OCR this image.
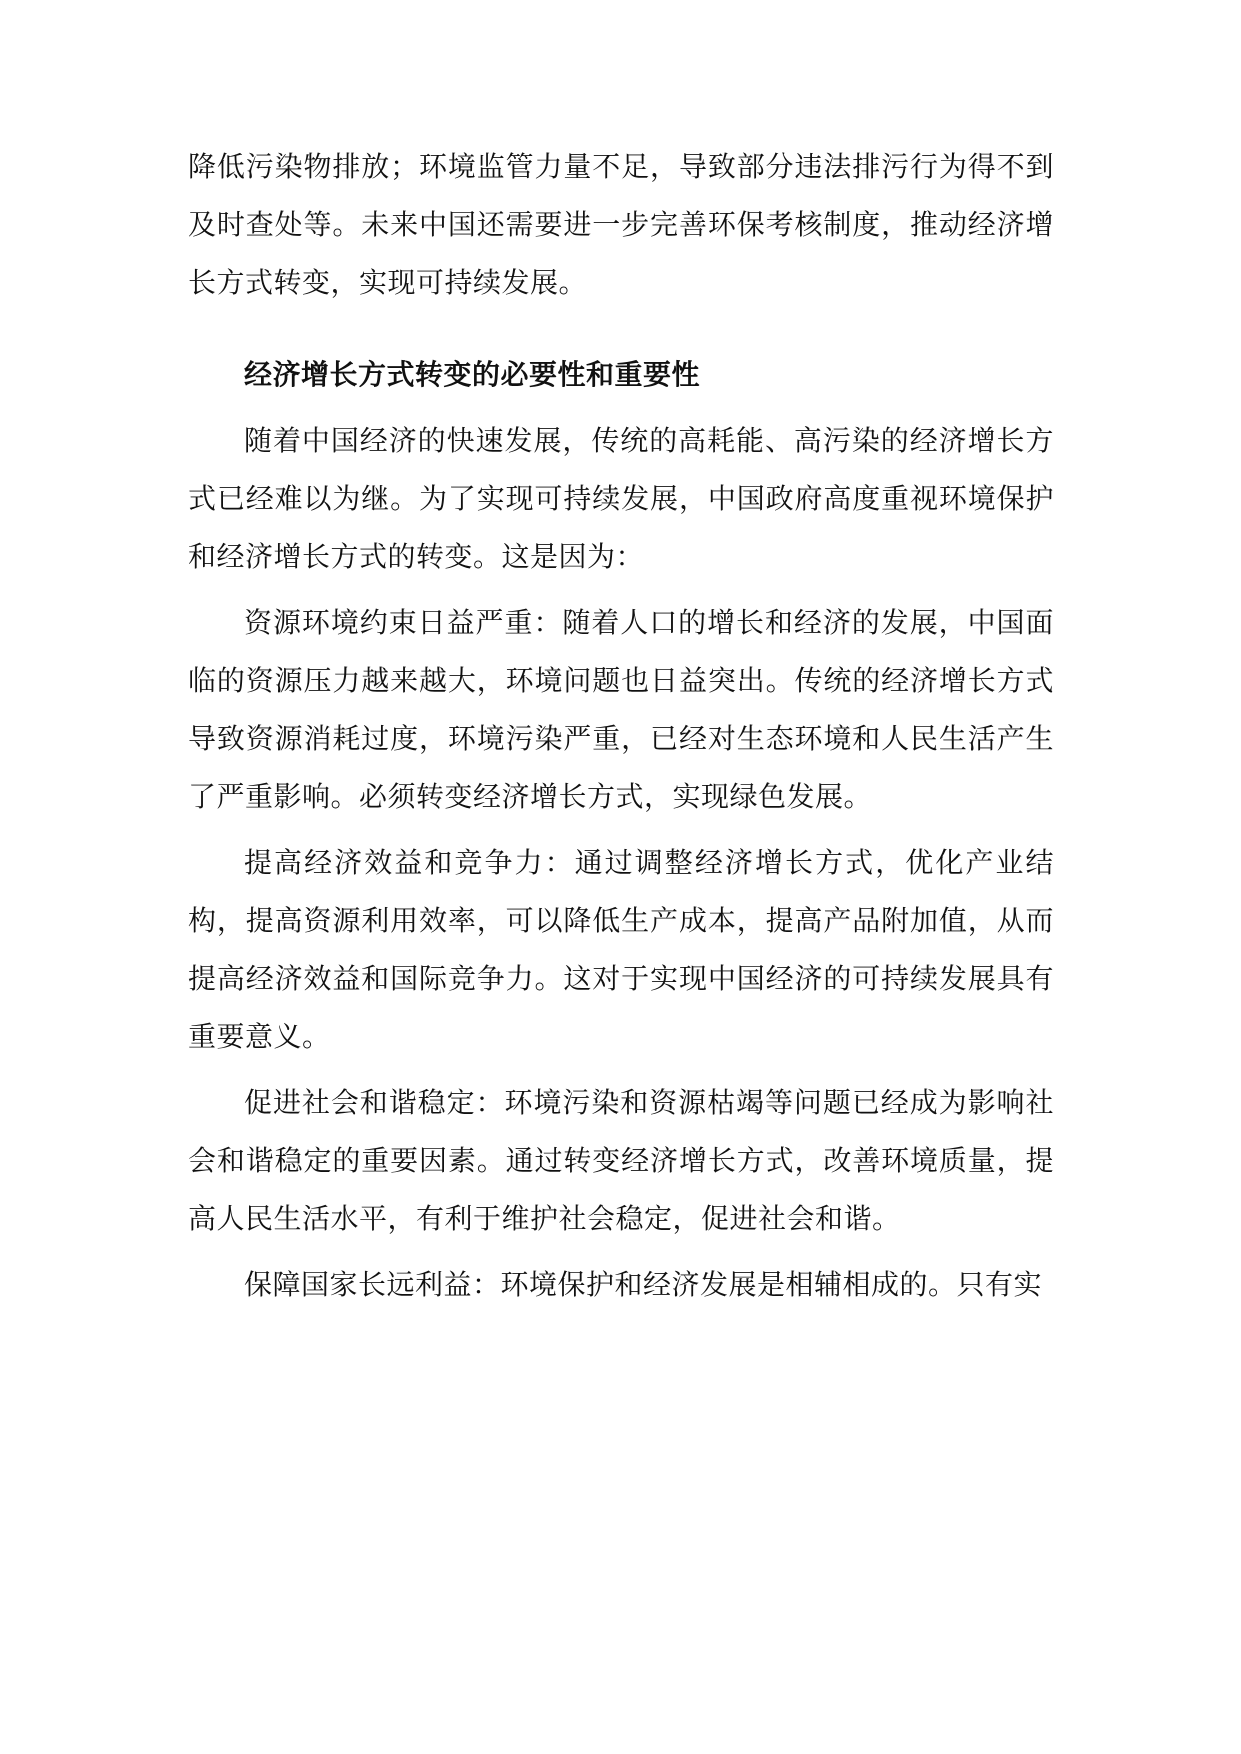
降低污染物排放；环境监管力量不足，导致部分违法排污行为得不到及时查处等。未来中国还需要进一步完善环保考核制度，推动经济增长方式转变，实现可持续发展。

经济增长方式转变的必要性和重要性

随着中国经济的快速发展，传统的高耗能、高污染的经济增长方式已经难以为继。为了实现可持续发展，中国政府高度重视环境保护和经济增长方式的转变。这是因为：

资源环境约束日益严重：随着人口的增长和经济的发展，中国面临的资源压力越来越大，环境问题也日益突出。传统的经济增长方式导致资源消耗过度，环境污染严重，已经对生态环境和人民生活产生了严重影响。必须转变经济增长方式，实现绿色发展。

提高经济效益和竞争力：通过调整经济增长方式，优化产业结构，提高资源利用效率，可以降低生产成本，提高产品附加值，从而提高经济效益和国际竞争力。这对于实现中国经济的可持续发展具有重要意义。

促进社会和谐稳定：环境污染和资源枯竭等问题已经成为影响社会和谐稳定的重要因素。通过转变经济增长方式，改善环境质量，提高人民生活水平，有利于维护社会稳定，促进社会和谐。

保障国家长远利益：环境保护和经济发展是相辅相成的。只有实
